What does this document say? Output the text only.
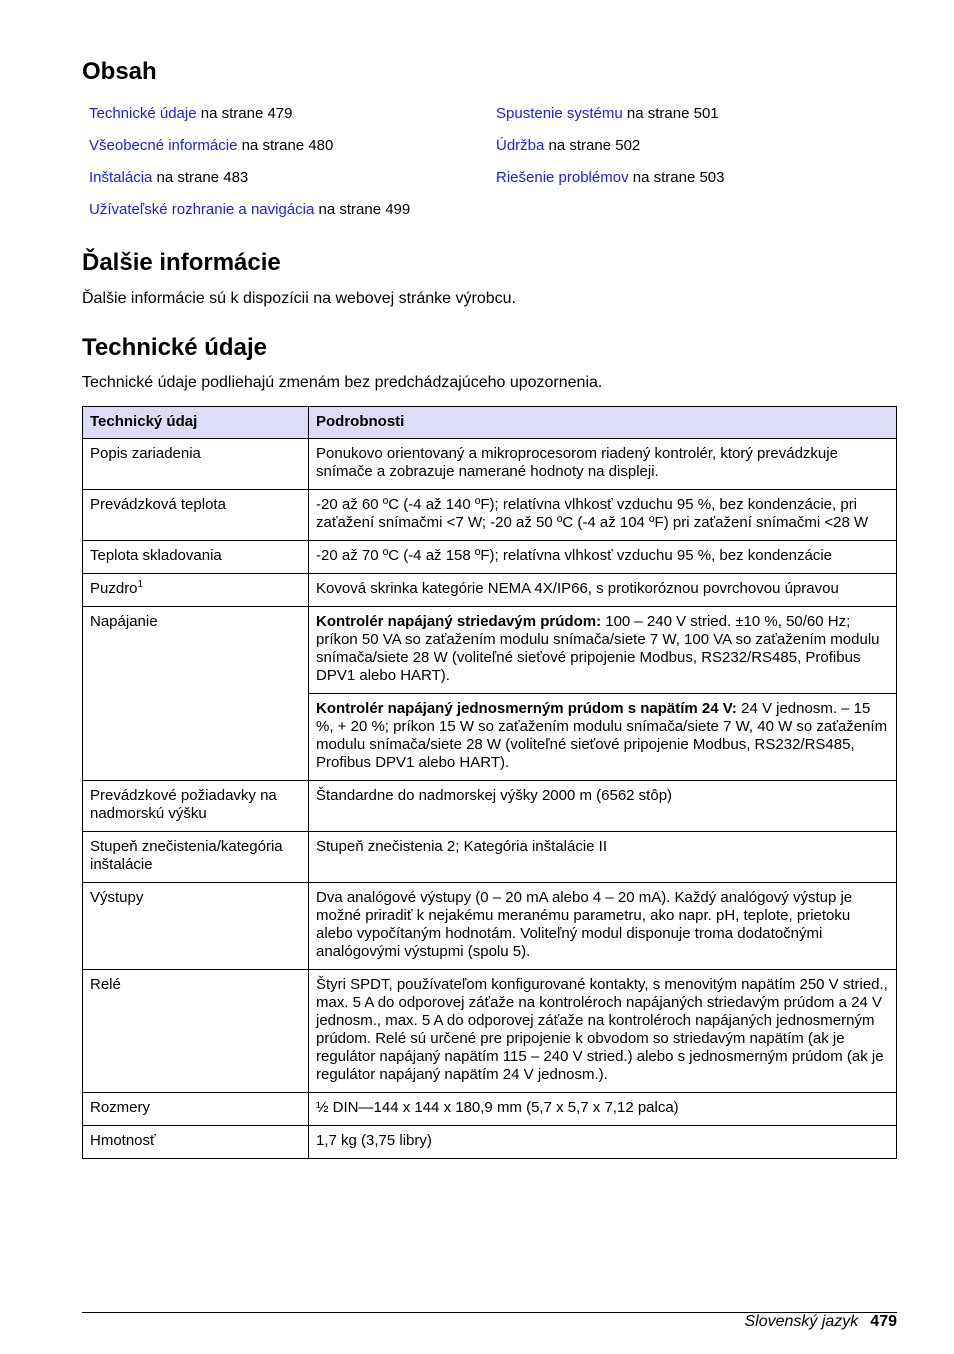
Obsah
Technické údaje na strane 479
Všeobecné informácie na strane 480
Inštalácia na strane 483
Užívateľské rozhranie a navigácia na strane 499
Spustenie systému na strane 501
Údržba na strane 502
Riešenie problémov na strane 503
Ďalšie informácie

Ďalšie informácie sú k dispozícii na webovej stránke výrobcu.

Technické údaje

Technické údaje podliehajú zmenám bez predchádzajúceho upozornenia.

Technický údaj	Podrobnosti
Popis zariadenia	Ponukovo orientovaný a mikroprocesorom riadený kontrolér, ktorý prevádzkuje snímače a zobrazuje namerané hodnoty na displeji.
Prevádzková teplota	-20 až 60 ºC (-4 až 140 ºF); relatívna vlhkosť vzduchu 95 %, bez kondenzácie, pri zaťažení snímačmi <7 W; -20 až 50 ºC (-4 až 104 ºF) pri zaťažení snímačmi <28 W
Teplota skladovania	-20 až 70 ºC (-4 až 158 ºF); relatívna vlhkosť vzduchu 95 %, bez kondenzácie
Puzdro$^1$	Kovová skrinka kategórie NEMA 4X/IP66, s protikoróznou povrchovou úpravou
Napájanie	Kontrolér napájaný striedavým prúdom: 100 – 240 V stried. ±10 %, 50/60 Hz; príkon 50 VA so zaťažením modulu snímača/siete 7 W, 100 VA so zaťažením modulu snímača/siete 28 W (voliteľné sieťové pripojenie Modbus, RS232/RS485, Profibus DPV1 alebo HART).
	Kontrolér napájaný jednosmerným prúdom s napätím 24 V: 24 V jednosm. – 15 %, + 20 %; príkon 15 W so zaťažením modulu snímača/siete 7 W, 40 W so zaťažením modulu snímača/siete 28 W (voliteľné sieťové pripojenie Modbus, RS232/RS485, Profibus DPV1 alebo HART).
Prevádzkové požiadavky na nadmorskú výšku	Štandardne do nadmorskej výšky 2000 m (6562 stôp)
Stupeň znečistenia/kategória inštalácie	Stupeň znečistenia 2; Kategória inštalácie II
Výstupy	Dva analógové výstupy (0 – 20 mA alebo 4 – 20 mA). Každý analógový výstup je možné priradiť k nejakému meranému parametru, ako napr. pH, teplote, prietoku alebo vypočítaným hodnotám. Voliteľný modul disponuje troma dodatočnými analógovými výstupmi (spolu 5).
Relé	Štyri SPDT, používateľom konfigurované kontakty, s menovitým napätím 250 V stried., max. 5 A do odporovej záťaže na kontroléroch napájaných striedavým prúdom a 24 V jednosm., max. 5 A do odporovej záťaže na kontroléroch napájaných jednosmerným prúdom. Relé sú určené pre pripojenie k obvodom so striedavým napätím (ak je regulátor napájaný napätím 115 – 240 V stried.) alebo s jednosmerným prúdom (ak je regulátor napájaný napätím 24 V jednosm.).
Rozmery	½ DIN—144 x 144 x 180,9 mm (5,7 x 5,7 x 7,12 palca)
Hmotnosť	1,7 kg (3,75 libry)
Slovenský jazyk 479
